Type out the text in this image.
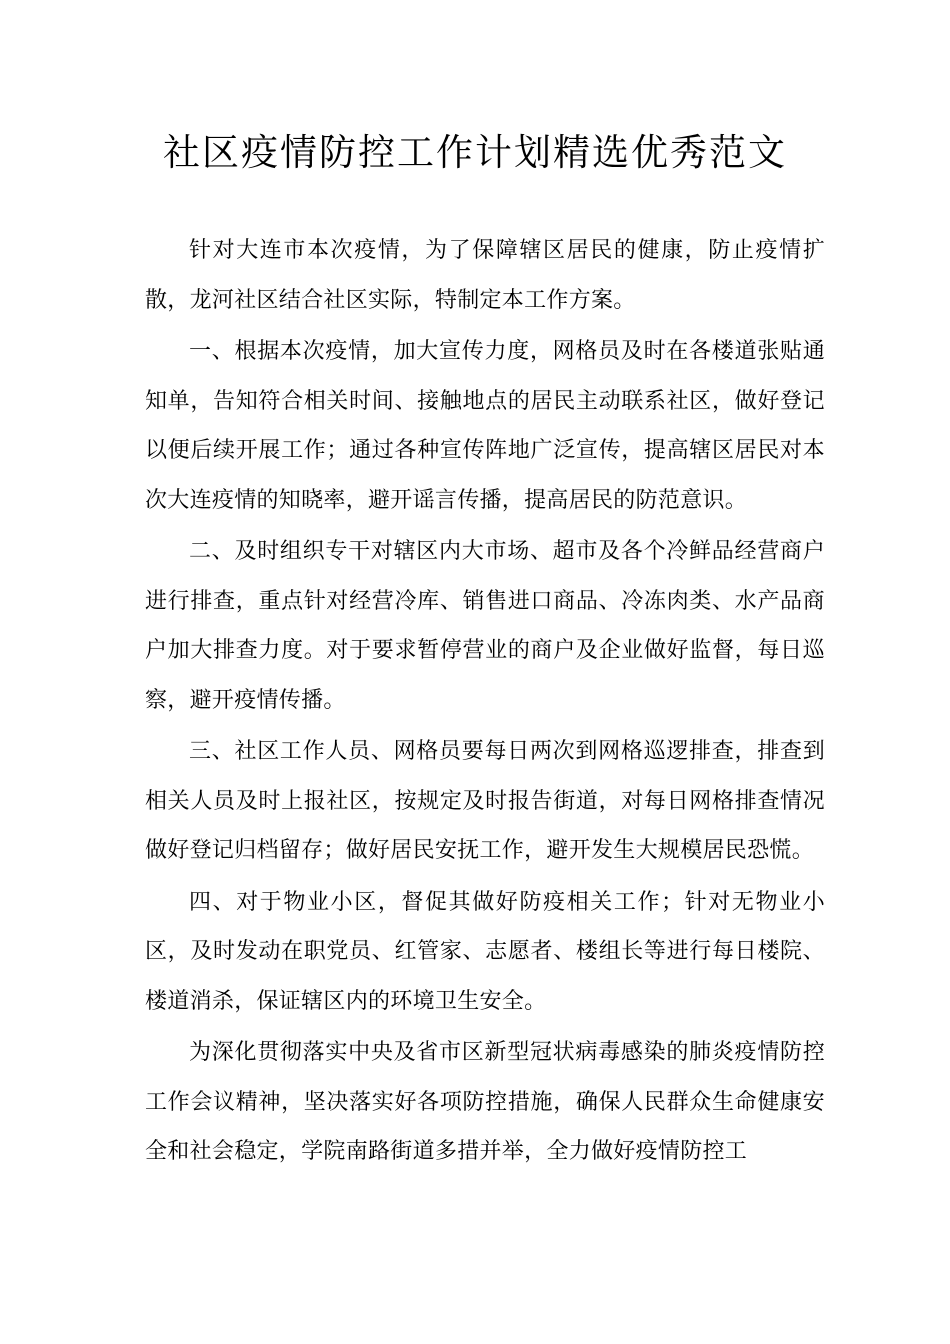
社区疫情防控工作计划精选优秀范文

针对大连市本次疫情，为了保障辖区居民的健康，防止疫情扩散，龙河社区结合社区实际，特制定本工作方案。

一、根据本次疫情，加大宣传力度，网格员及时在各楼道张贴通知单，告知符合相关时间、接触地点的居民主动联系社区，做好登记以便后续开展工作；通过各种宣传阵地广泛宣传，提高辖区居民对本次大连疫情的知晓率，避开谣言传播，提高居民的防范意识。

二、及时组织专干对辖区内大市场、超市及各个冷鲜品经营商户进行排查，重点针对经营冷库、销售进口商品、冷冻肉类、水产品商户加大排查力度。对于要求暂停营业的商户及企业做好监督，每日巡察，避开疫情传播。

三、社区工作人员、网格员要每日两次到网格巡逻排查，排查到相关人员及时上报社区，按规定及时报告街道，对每日网格排查情况做好登记归档留存；做好居民安抚工作，避开发生大规模居民恐慌。

四、对于物业小区，督促其做好防疫相关工作；针对无物业小区，及时发动在职党员、红管家、志愿者、楼组长等进行每日楼院、楼道消杀，保证辖区内的环境卫生安全。

为深化贯彻落实中央及省市区新型冠状病毒感染的肺炎疫情防控工作会议精神，坚决落实好各项防控措施，确保人民群众生命健康安全和社会稳定，学院南路街道多措并举，全力做好疫情防控工
